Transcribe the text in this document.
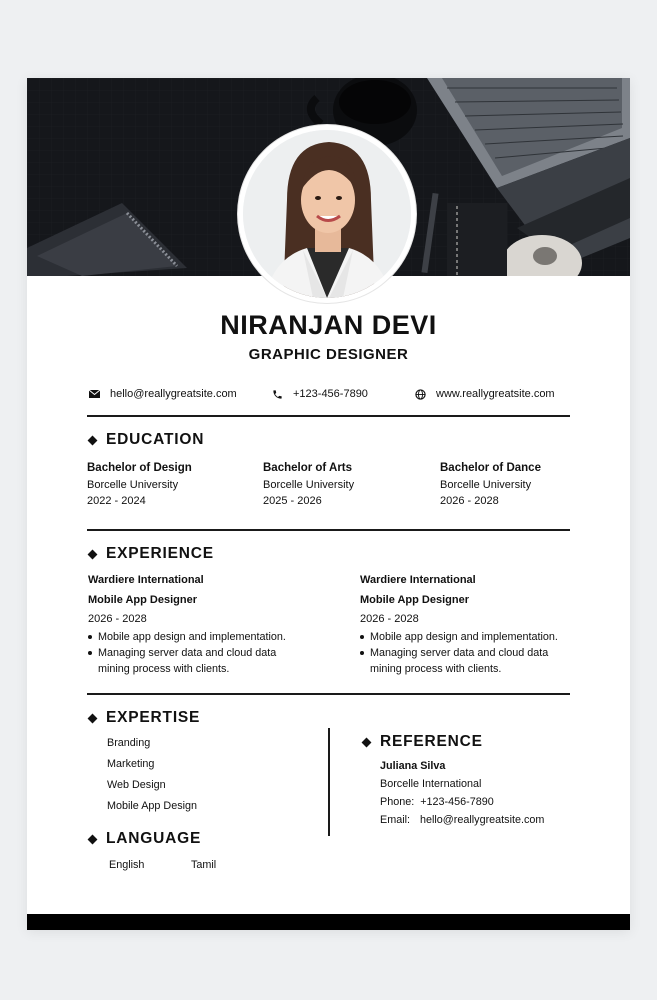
NIRANJAN DEVI
GRAPHIC DESIGNER
hello@reallygreatsite.com	+123-456-7890	www.reallygreatsite.com
EDUCATION
Bachelor of Design
Borcelle University
2022 - 2024
Bachelor of Arts
Borcelle University
2025 - 2026
Bachelor of Dance
Borcelle University
2026 - 2028
EXPERIENCE
Wardiere International
Mobile App Designer
2026 - 2028
Mobile app design and implementation.
Managing server data and cloud data mining process with clients.
Wardiere International
Mobile App Designer
2026 - 2028
Mobile app design and implementation.
Managing server data and cloud data mining process with clients.
EXPERTISE
Branding
Marketing
Web Design
Mobile App Design
LANGUAGE
English	Tamil
REFERENCE
Juliana Silva
Borcelle International
Phone: +123-456-7890
Email: hello@reallygreatsite.com
